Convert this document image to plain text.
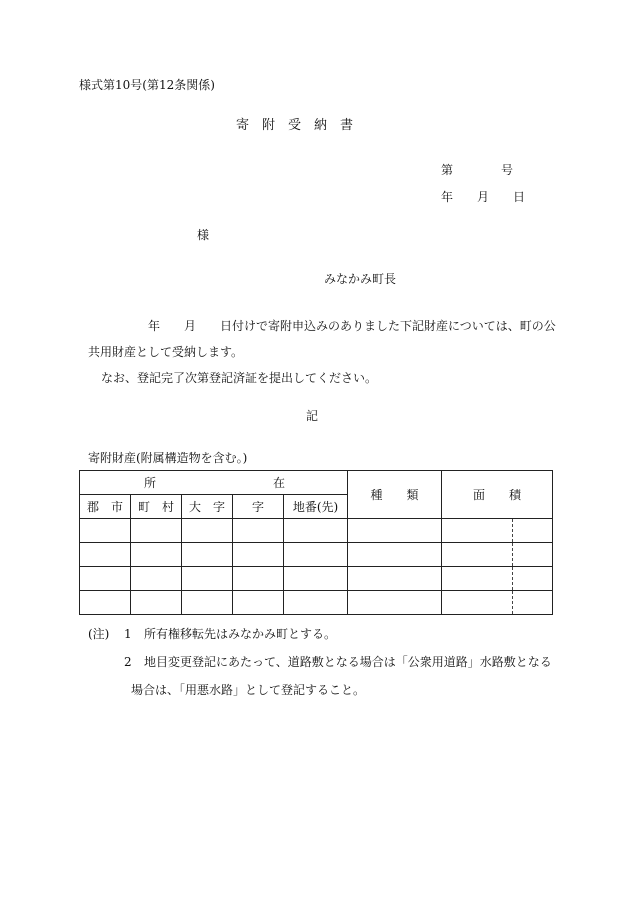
様式第10号(第12条関係)
寄　附　受　納　書
第　　　　号
年　　月　　日
様
みなかみ町長
年　　月　　日付けで寄附申込みのありました下記財産については、町の公
共用財産として受納します。
なお、登記完了次第登記済証を提出してください。
記
寄附財産(附属構造物を含む。)
所 在					種　　類	面　　積
郡　市	町　村	大　字	字	地番(先)		

(注) 1 所有権移転先はみなかみ町とする。
2 地目変更登記にあたって、道路敷となる場合は「公衆用道路」水路敷となる
場合は、「用悪水路」として登記すること。
